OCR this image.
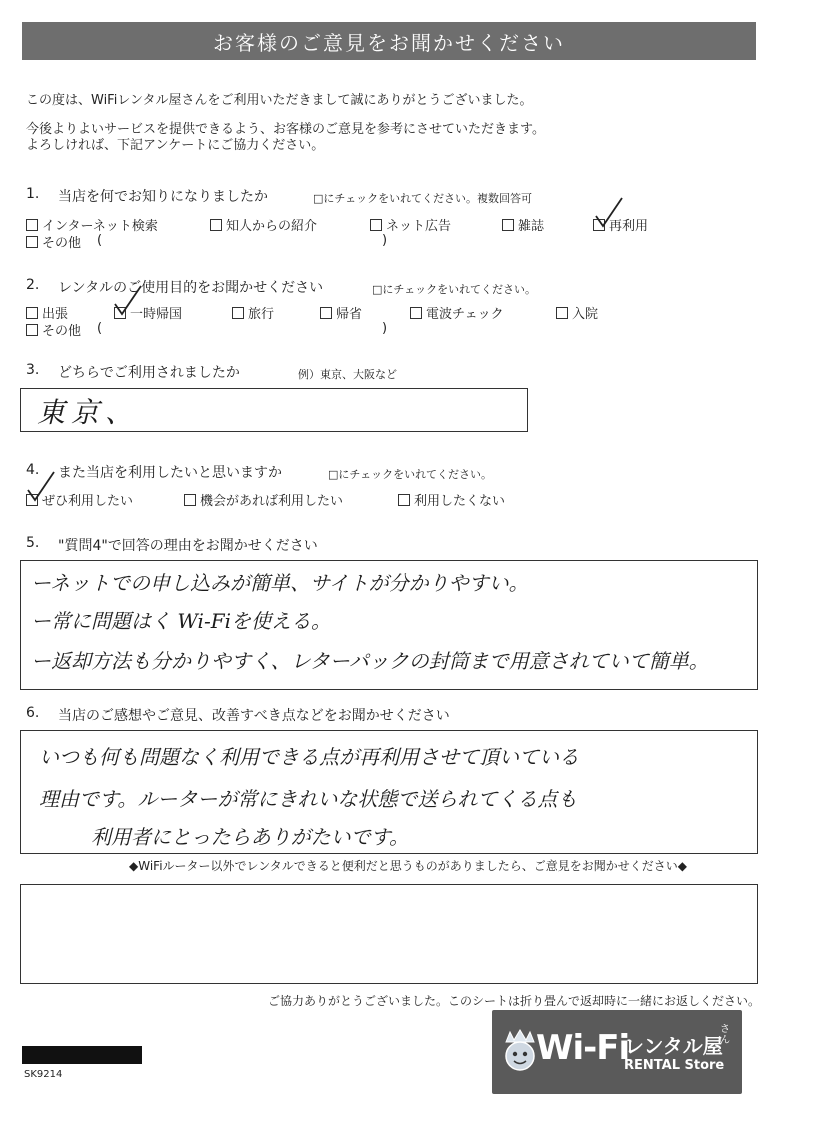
お客様のご意見をお聞かせください
この度は、WiFiレンタル屋さんをご利用いただきまして誠にありがとうございました。
今後よりよいサービスを提供できるよう、お客様のご意見を参考にさせていただきます。
よろしければ、下記アンケートにご協力ください。
1. 当店を何でお知りになりましたか	□にチェックをいれてください。複数回答可
インターネット検索	知人からの紹介	ネット広告	雑誌	再利用
その他 (	)
2. レンタルのご使用目的をお聞かせください	□にチェックをいれてください。
出張	一時帰国	旅行	帰省	電波チェック	入院
その他 (	)
3. どちらでご利用されましたか	例）東京、大阪など
東京、
4. また当店を利用したいと思いますか	□にチェックをいれてください。
ぜひ利用したい	機会があれば利用したい	利用したくない
5. "質問4"で回答の理由をお聞かせください
ーネットでの申し込みが簡単、サイトが分かりやすい。
ー常に問題はく Wi-Fiを使える。
ー返却方法も分かりやすく、レターパックの封筒まで用意されていて簡単。
6. 当店のご感想やご意見、改善すべき点などをお聞かせください
いつも何も問題なく利用できる点が再利用させて頂いている
理由です。ルーターが常にきれいな状態で送られてくる点も
利用者にとったらありがたいです。
◆WiFiルーター以外でレンタルできると便利だと思うものがありましたら、ご意見をお聞かせください◆
ご協力ありがとうございました。このシートは折り畳んで返却時に一緒にお返しください。
SK9214
Wi-Fi
レンタル屋
さん
RENTAL Store
